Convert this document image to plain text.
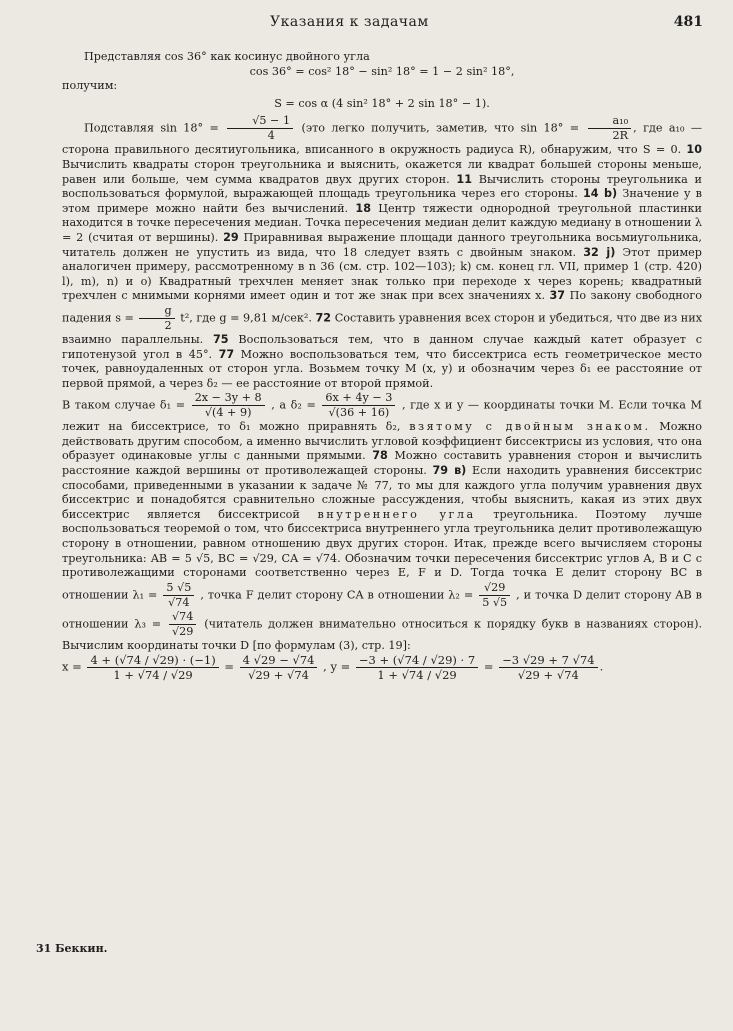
Указания к задачам	481

Представляя cos 36° как косинус двойного угла

cos 36° = cos² 18° − sin² 18° = 1 − 2 sin² 18°,

получим:

S = cos α (4 sin² 18° + 2 sin 18° − 1).

Подставляя $\sin 18^\circ = \frac{√5 - 1}{4} (это$ легко получить, заметив, что $\sin 18^\circ = \frac{\text{a₁₀}}{2R}$ , где a₁₀ — сторона правильного десятиугольника, вписанного в окружность радиуса R), обнаружим, что S = 0. 10 Вычислить квадраты сторон треугольника и выяснить, окажется ли квадрат большей стороны меньше, равен или больше, чем сумма квадратов двух других сторон. 11 Вычислить стороны треугольника и воспользоваться формулой, выражающей площадь треугольника через его стороны. 14 b) Значение y в этом примере можно найти без вычислений. 18 Центр тяжести однородной треугольной пластинки находится в точке пересечения медиан. Точка пересечения медиан делит каждую медиану в отношении λ = 2 (считая от вершины). 29 Приравнивая выражение площади данного треугольника восьмиугольника, читатель должен не упустить из вида, что 18 следует взять с двойным знаком. 32 j) Этот пример аналогичен примеру, рассмотренному в n 36 (см. стр. 102—103); k) см. конец гл. VII, пример 1 (стр. 420) l), m), n) и o) Квадратный трехчлен меняет знак только при переходе x через корень; квадратный трехчлен с мнимыми корнями имеет один и тот же знак при всех значениях x. 37 По закону свободного падения $s = \frac{g}{2} t^2$, где g = 9,81 м/сек². 72 Составить уравнения всех сторон и убедиться, что две из них взаимно параллельны. 75 Воспользоваться тем, что в данном случае каждый катет образует с гипотенузой угол в 45°. 77 Можно воспользоваться тем, что биссектриса есть геометрическое место точек, равноудаленных от сторон угла. Возьмем точку M (x, y) и обозначим через δ₁ ее расстояние от первой прямой, а через δ₂ — ее расстояние от второй прямой.

В таком случае $\delta_1 = \frac{2x - 3y + 8}{√(4 + 9)}$ , а $\delta_2 = \frac{6x + 4y - 3}{√(36 + 16)}$ , где x и y — координаты точки M. Если точка M лежит на биссектрисе, то δ₁ можно приравнять δ₂, взятому с двойным знаком. Можно действовать другим способом, а именно вычислить угловой коэффициент биссектрисы из условия, что она образует одинаковые углы с данными прямыми. 78 Можно составить уравнения сторон и вычислить расстояние каждой вершины от противолежащей стороны. 79 в) Если находить уравнения биссектрис способами, приведенными в указании к задаче № 77, то мы для каждого угла получим уравнения двух биссектрис и понадобятся сравнительно сложные рассуждения, чтобы выяснить, какая из этих двух биссектрис является биссектрисой внутреннего угла треугольника. Поэтому лучше воспользоваться теоремой о том, что биссектриса внутреннего угла треугольника делит противолежащую сторону в отношении, равном отношению двух других сторон. Итак, прежде всего вычисляем стороны треугольника: AB = 5 √5, BC = √29, CA = √74. Обозначим точки пересечения биссектрис углов A, B и C с противолежащими сторонами соответственно через E, F и D. Тогда точка E делит сторону BC в отношении $\lambda_1 = \frac{5 √5}{√74}$ , точка F делит сторону CA в отношении $\lambda_2 = \frac{√29}{5 √5}$ , и точка D делит сторону AB в отношении $\lambda_3 = \frac{√74}{√29}$ (читатель должен внимательно относиться к порядку букв в названиях сторон). Вычислим координаты точки D [по формулам (3), стр. 19]:

$x = \frac{4 + (√74 / √29) \cdot (-1)}{1 + √74 / √29} = \frac{4 √29 - √74}{√29 + √74}$ , $y = \frac{-3 + (√74 / √29) \cdot 7}{1 + √74 / √29} = \frac{-3 √29 + 7 √74}{√29 + √74}$ .

31 Беккин.
